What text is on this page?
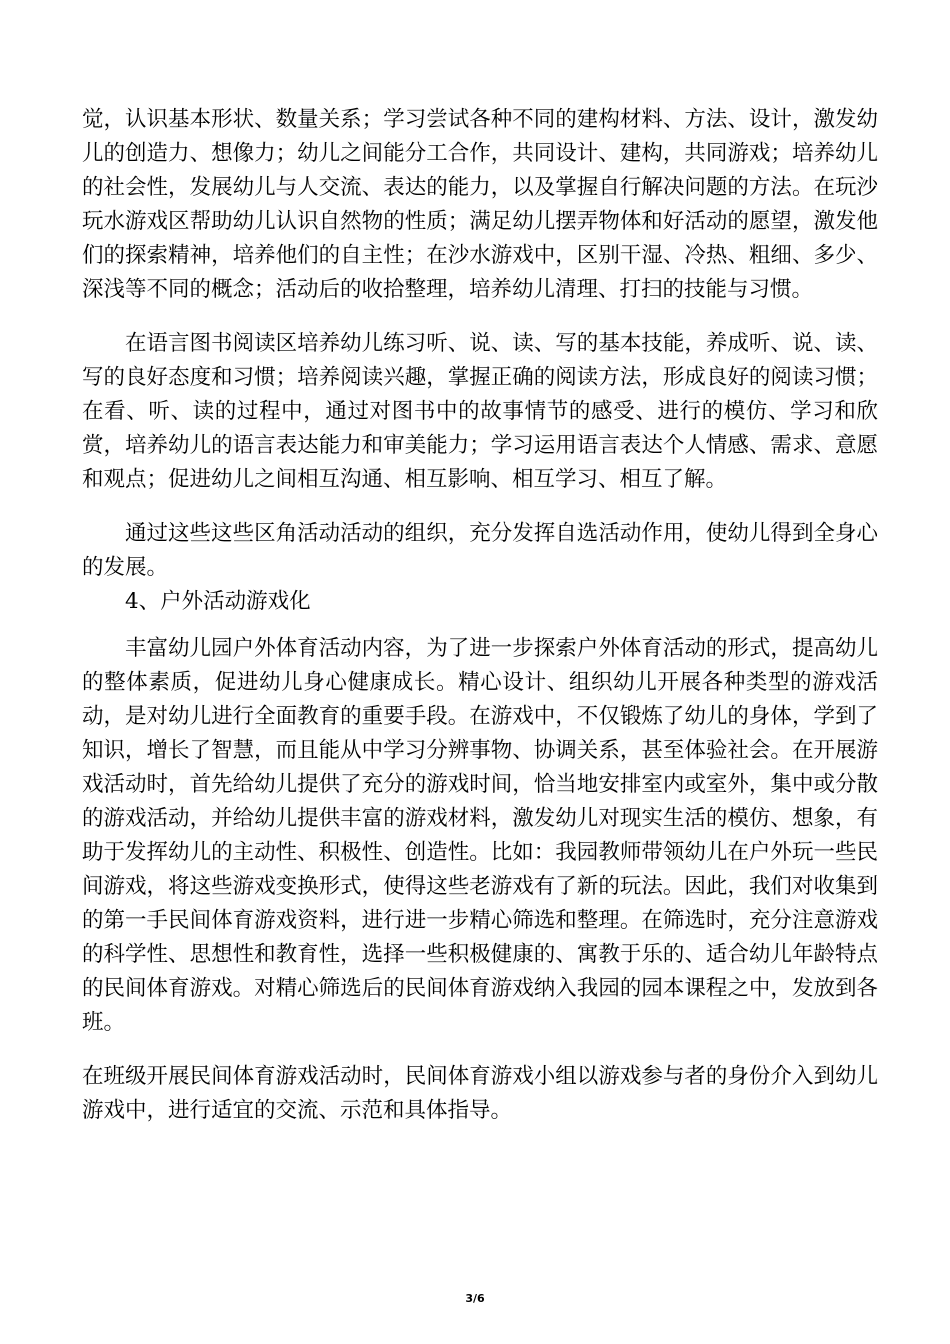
觉，认识基本形状、数量关系；学习尝试各种不同的建构材料、方法、设计，激发幼儿的创造力、想像力；幼儿之间能分工合作，共同设计、建构，共同游戏；培养幼儿的社会性，发展幼儿与人交流、表达的能力，以及掌握自行解决问题的方法。在玩沙玩水游戏区帮助幼儿认识自然物的性质；满足幼儿摆弄物体和好活动的愿望，激发他们的探索精神，培养他们的自主性；在沙水游戏中，区别干湿、冷热、粗细、多少、深浅等不同的概念；活动后的收拾整理，培养幼儿清理、打扫的技能与习惯。

在语言图书阅读区培养幼儿练习听、说、读、写的基本技能，养成听、说、读、写的良好态度和习惯；培养阅读兴趣，掌握正确的阅读方法，形成良好的阅读习惯；在看、听、读的过程中，通过对图书中的故事情节的感受、进行的模仿、学习和欣赏，培养幼儿的语言表达能力和审美能力；学习运用语言表达个人情感、需求、意愿和观点；促进幼儿之间相互沟通、相互影响、相互学习、相互了解。

通过这些这些区角活动活动的组织，充分发挥自选活动作用，使幼儿得到全身心的发展。

4、户外活动游戏化

丰富幼儿园户外体育活动内容，为了进一步探索户外体育活动的形式，提高幼儿的整体素质，促进幼儿身心健康成长。精心设计、组织幼儿开展各种类型的游戏活动，是对幼儿进行全面教育的重要手段。在游戏中，不仅锻炼了幼儿的身体，学到了知识，增长了智慧，而且能从中学习分辨事物、协调关系，甚至体验社会。在开展游戏活动时，首先给幼儿提供了充分的游戏时间，恰当地安排室内或室外，集中或分散的游戏活动，并给幼儿提供丰富的游戏材料，激发幼儿对现实生活的模仿、想象，有助于发挥幼儿的主动性、积极性、创造性。比如：我园教师带领幼儿在户外玩一些民间游戏，将这些游戏变换形式，使得这些老游戏有了新的玩法。因此，我们对收集到的第一手民间体育游戏资料，进行进一步精心筛选和整理。在筛选时，充分注意游戏的科学性、思想性和教育性，选择一些积极健康的、寓教于乐的、适合幼儿年龄特点的民间体育游戏。对精心筛选后的民间体育游戏纳入我园的园本课程之中，发放到各班。

在班级开展民间体育游戏活动时，民间体育游戏小组以游戏参与者的身份介入到幼儿游戏中，进行适宜的交流、示范和具体指导。

3/6
